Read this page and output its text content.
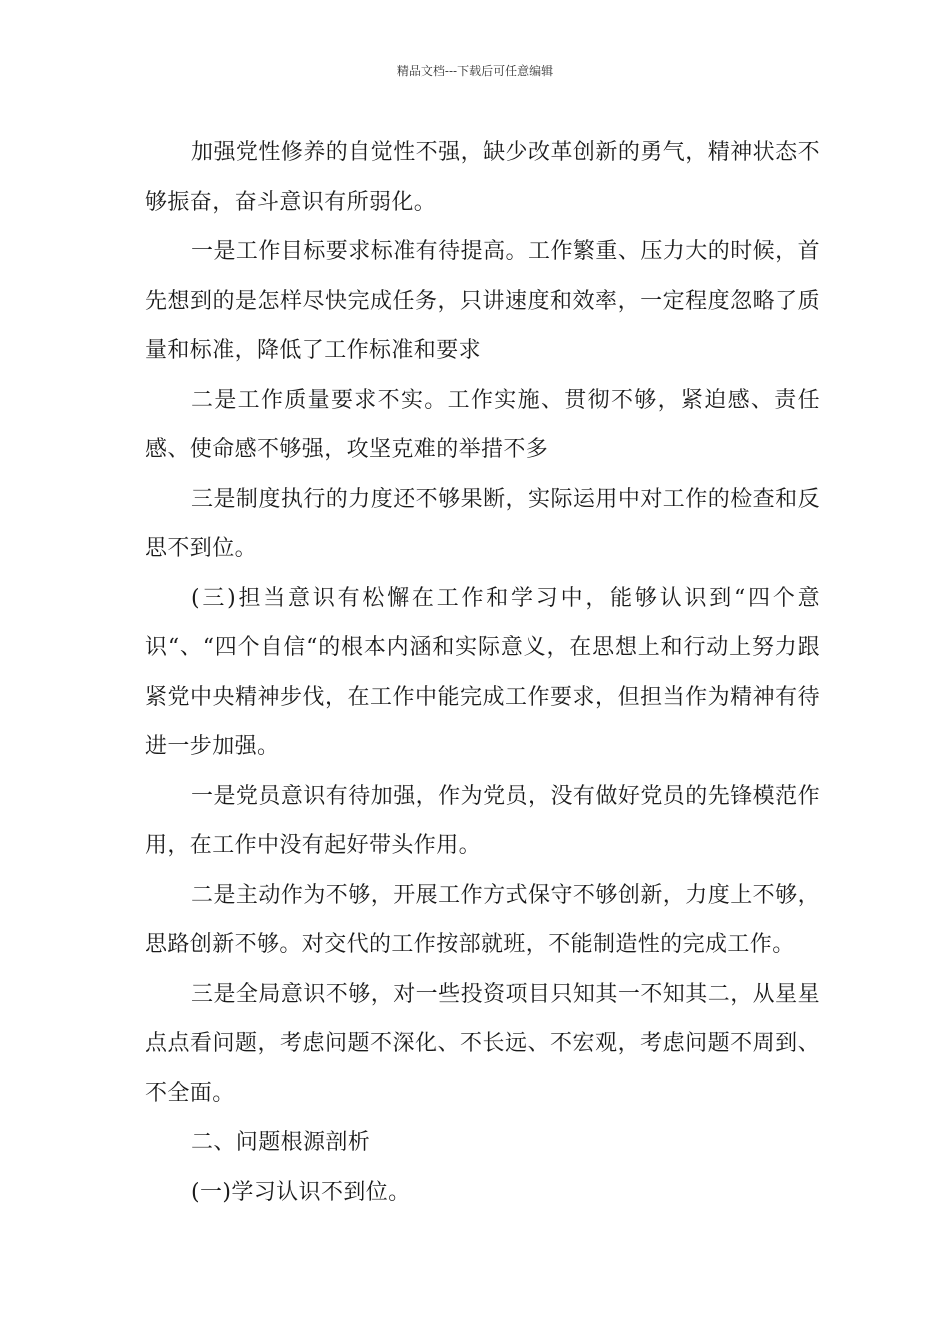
精品文档---下载后可任意编辑

加强党性修养的自觉性不强，缺少改革创新的勇气，精神状态不够振奋，奋斗意识有所弱化。

一是工作目标要求标准有待提高。工作繁重、压力大的时候，首先想到的是怎样尽快完成任务，只讲速度和效率，一定程度忽略了质量和标准，降低了工作标准和要求

二是工作质量要求不实。工作实施、贯彻不够，紧迫感、责任感、使命感不够强，攻坚克难的举措不多

三是制度执行的力度还不够果断，实际运用中对工作的检查和反思不到位。

(三)担当意识有松懈在工作和学习中，能够认识到“四个意识“、“四个自信“的根本内涵和实际意义，在思想上和行动上努力跟紧党中央精神步伐，在工作中能完成工作要求，但担当作为精神有待进一步加强。

一是党员意识有待加强，作为党员，没有做好党员的先锋模范作用，在工作中没有起好带头作用。

二是主动作为不够，开展工作方式保守不够创新，力度上不够，思路创新不够。对交代的工作按部就班，不能制造性的完成工作。

三是全局意识不够，对一些投资项目只知其一不知其二，从星星点点看问题，考虑问题不深化、不长远、不宏观，考虑问题不周到、不全面。

二、问题根源剖析

(一)学习认识不到位。
